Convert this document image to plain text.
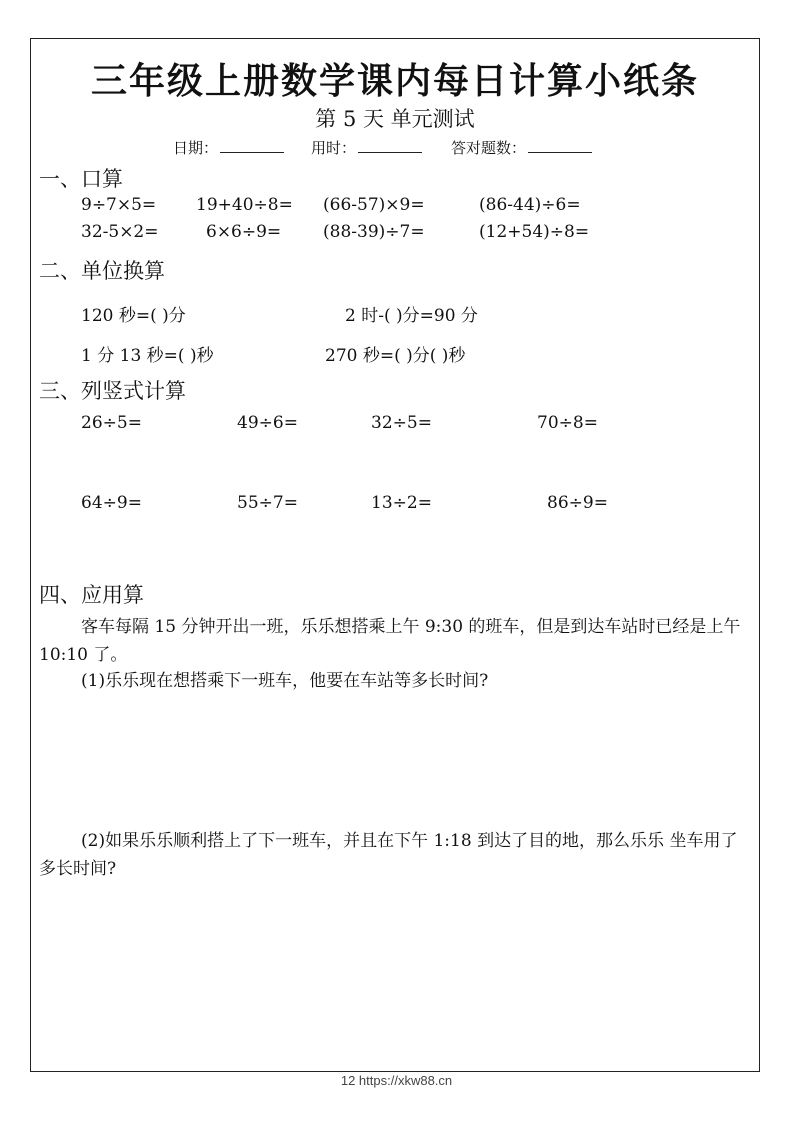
三年级上册数学课内每日计算小纸条
第 5 天 单元测试
日期：	用时：	答对题数：
一、口算
9÷7×5= 19+40÷8= (66-57)×9=	(86-44)÷6=
32-5×2=	6×6÷9= (88-39)÷7=	(12+54)÷8=
二、单位换算
120 秒=( )分	2 时-( )分=90 分
1 分 13 秒=( )秒	270 秒=( )分( )秒
三、列竖式计算
26÷5=	49÷6=	32÷5=	70÷8=
64÷9=	55÷7=	13÷2=	86÷9=
四、应用算
客车每隔 15 分钟开出一班，乐乐想搭乘上午 9:30 的班车，但是到达车站时已经是上午 10:10 了。
(1)乐乐现在想搭乘下一班车，他要在车站等多长时间?
(2)如果乐乐顺利搭上了下一班车，并且在下午 1:18 到达了目的地，那么乐乐 坐车用了多长时间?
12 https://xkw88.cn
